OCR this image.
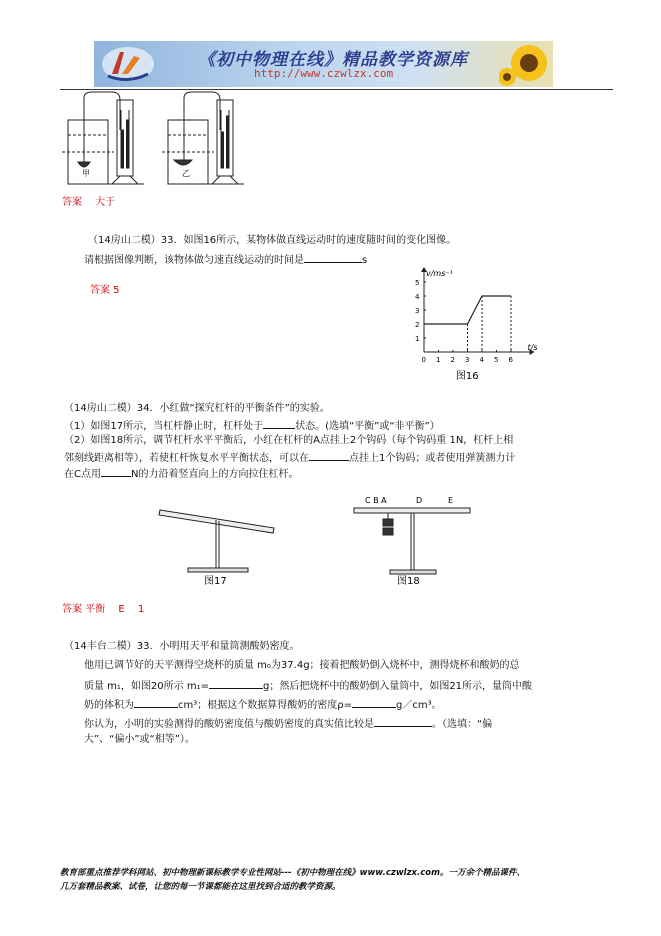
《初中物理在线》精品教学资源库
http://www.czwlzx.com
甲	乙
答案　 大于
（14房山二模）33．如图16所示，某物体做直线运动时的速度随时间的变化图像。
请根据图像判断，该物体做匀速直线运动的时间是	s
答案 5
0 1 2 3 4 5 6
1
2
3
4
5
t/s
v/ms⁻¹
图16
（14房山二模）34．小红做“探究杠杆的平衡条件”的实验。
（1）如图17所示，当杠杆静止时，杠杆处于	状态。(选填“平衡”或“非平衡”）
（2）如图18所示，调节杠杆水平平衡后，小红在杠杆的A点挂上2个钩码（每个钩码重 1N，杠杆上相
邻刻线距离相等），若使杠杆恢复水平平衡状态，可以在	点挂上1个钩码；或者使用弹簧测力计
在C点用	N的力沿着竖直向上的方向拉住杠杆。
图17
C B A	D	E
图18
答案 平衡　 E　 1
（14丰台二模）33．小明用天平和量筒测酸奶密度。
他用已调节好的天平测得空烧杯的质量 m₀为37.4g；接着把酸奶倒入烧杯中，测得烧杯和酸奶的总
质量 m₁，如图20所示 m₁=	g；然后把烧杯中的酸奶倒入量筒中，如图21所示，量筒中酸
奶的体积为	cm³；根据这个数据算得酸奶的密度ρ=	g／cm³。
你认为，小明的实验测得的酸奶密度值与酸奶密度的真实值比较是	。（选填：“偏
大”、“偏小”或“相等”）。
教育部重点推荐学科网站、初中物理新课标教学专业性网站---《初中物理在线》www.czwlzx.com。一万余个精品课件、
几万套精品教案、试卷，让您的每一节课都能在这里找到合适的教学资源。
